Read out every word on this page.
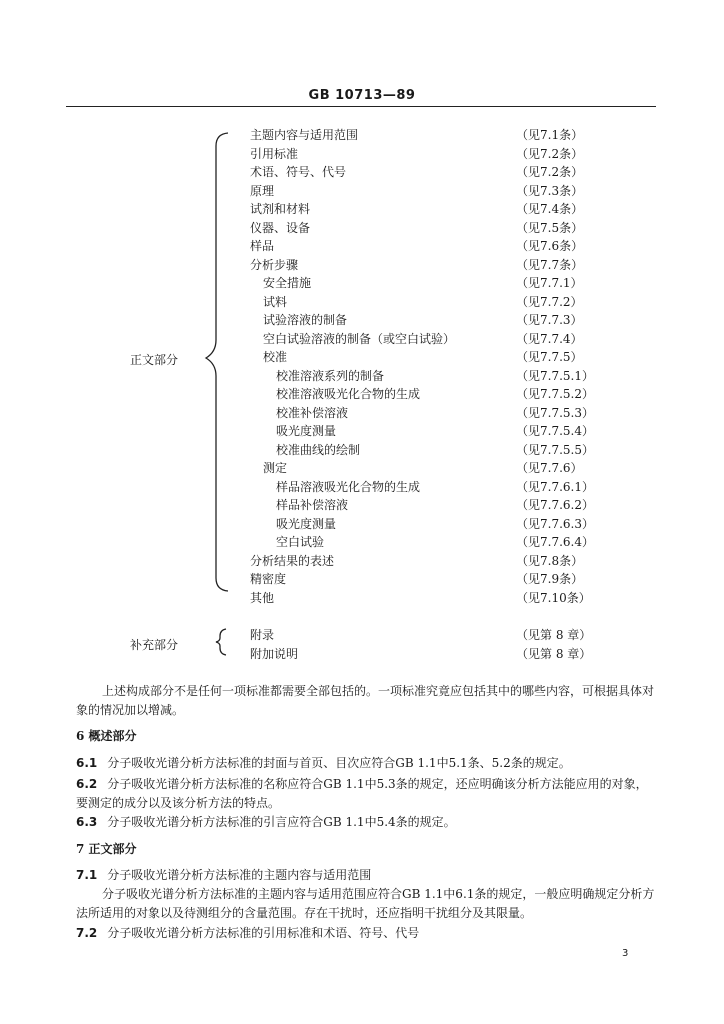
GB 10713—89
正文部分
补充部分
主题内容与适用范围	（见7.1条）
引用标准	（见7.2条）
术语、符号、代号	（见7.2条）
原理	（见7.3条）
试剂和材料	（见7.4条）
仪器、设备	（见7.5条）
样品	（见7.6条）
分析步骤	（见7.7条）
安全措施	（见7.7.1）
试料	（见7.7.2）
试验溶液的制备	（见7.7.3）
空白试验溶液的制备（或空白试验）	（见7.7.4）
校准	（见7.7.5）
校准溶液系列的制备	（见7.7.5.1）
校准溶液吸光化合物的生成	（见7.7.5.2）
校准补偿溶液	（见7.7.5.3）
吸光度测量	（见7.7.5.4）
校准曲线的绘制	（见7.7.5.5）
测定	（见7.7.6）
样品溶液吸光化合物的生成	（见7.7.6.1）
样品补偿溶液	（见7.7.6.2）
吸光度测量	（见7.7.6.3）
空白试验	（见7.7.6.4）
分析结果的表述	（见7.8条）
精密度	（见7.9条）
其他	（见7.10条）
附录	（见第 8 章）
附加说明	（见第 8 章）
上述构成部分不是任何一项标准都需要全部包括的。一项标准究竟应包括其中的哪些内容，可根据具体对象的情况加以增减。
6 概述部分
6.1 分子吸收光谱分析方法标准的封面与首页、目次应符合GB 1.1中5.1条、5.2条的规定。
6.2 分子吸收光谱分析方法标准的名称应符合GB 1.1中5.3条的规定，还应明确该分析方法能应用的对象，要测定的成分以及该分析方法的特点。
6.3 分子吸收光谱分析方法标准的引言应符合GB 1.1中5.4条的规定。
7 正文部分
7.1 分子吸收光谱分析方法标准的主题内容与适用范围
分子吸收光谱分析方法标准的主题内容与适用范围应符合GB 1.1中6.1条的规定，一般应明确规定分析方法所适用的对象以及待测组分的含量范围。存在干扰时，还应指明干扰组分及其限量。
7.2 分子吸收光谱分析方法标准的引用标准和术语、符号、代号
3
